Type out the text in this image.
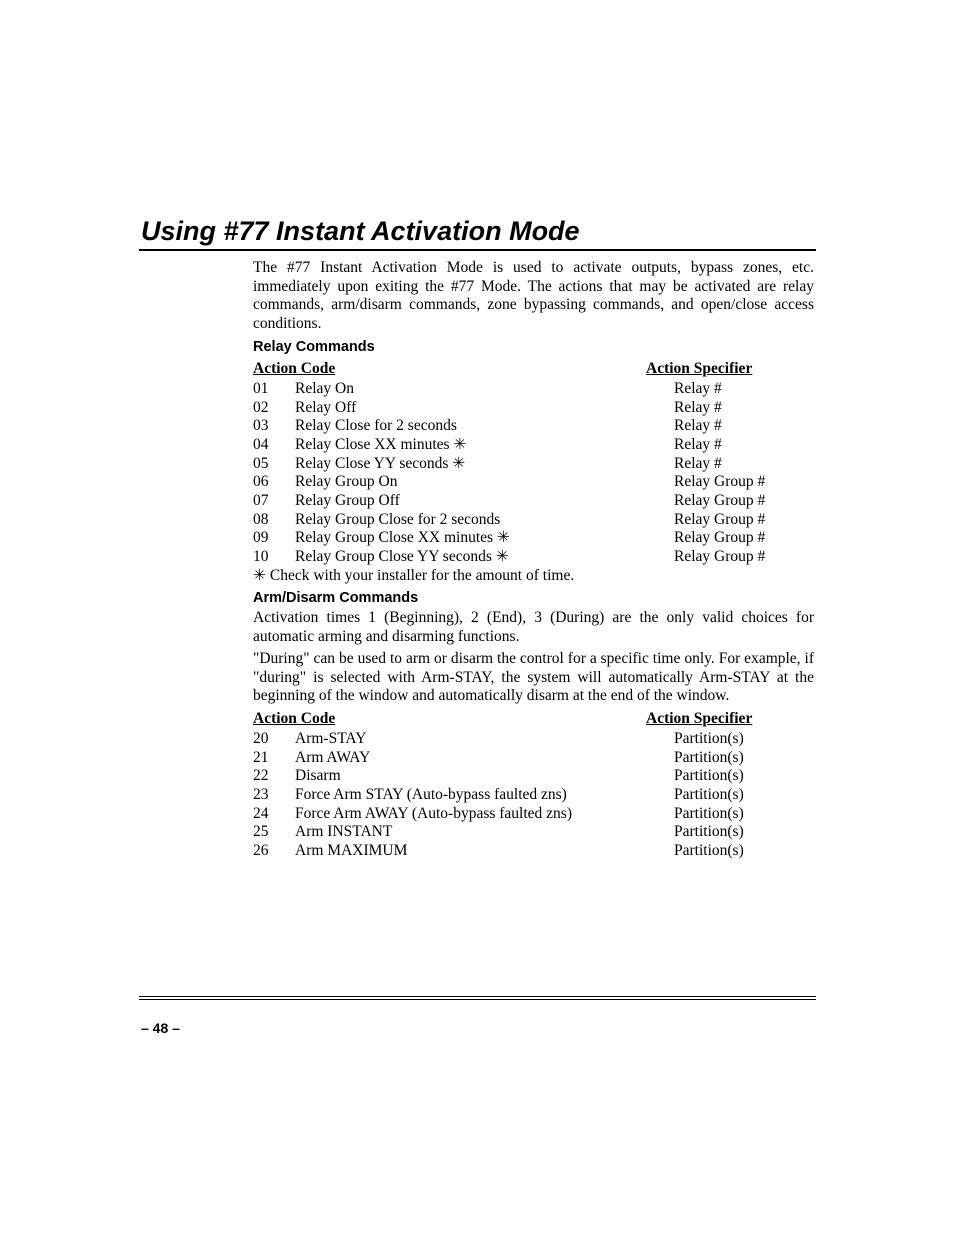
Using #77 Instant Activation Mode

The #77 Instant Activation Mode is used to activate outputs, bypass zones, etc. immediately upon exiting the #77 Mode. The actions that may be activated are relay commands, arm/disarm commands, zone bypassing commands, and open/close access conditions.

Relay Commands
Action Code	Action Specifier
01 Relay On	Relay #
02 Relay Off	Relay #
03 Relay Close for 2 seconds	Relay #
04 Relay Close XX minutes ✳	Relay #
05 Relay Close YY seconds ✳	Relay #
06 Relay Group On	Relay Group #
07 Relay Group Off	Relay Group #
08 Relay Group Close for 2 seconds	Relay Group #
09 Relay Group Close XX minutes ✳	Relay Group #
10 Relay Group Close YY seconds ✳	Relay Group #

✳ Check with your installer for the amount of time.

Arm/Disarm Commands

Activation times 1 (Beginning), 2 (End), 3 (During) are the only valid choices for automatic arming and disarming functions.

"During" can be used to arm or disarm the control for a specific time only. For example, if "during" is selected with Arm-STAY, the system will automatically Arm-STAY at the beginning of the window and automatically disarm at the end of the window.

Action Code	Action Specifier
20 Arm-STAY	Partition(s)
21 Arm AWAY	Partition(s)
22 Disarm	Partition(s)
23 Force Arm STAY (Auto-bypass faulted zns)	Partition(s)
24 Force Arm AWAY (Auto-bypass faulted zns)	Partition(s)
25 Arm INSTANT	Partition(s)
26 Arm MAXIMUM	Partition(s)
– 48 –
